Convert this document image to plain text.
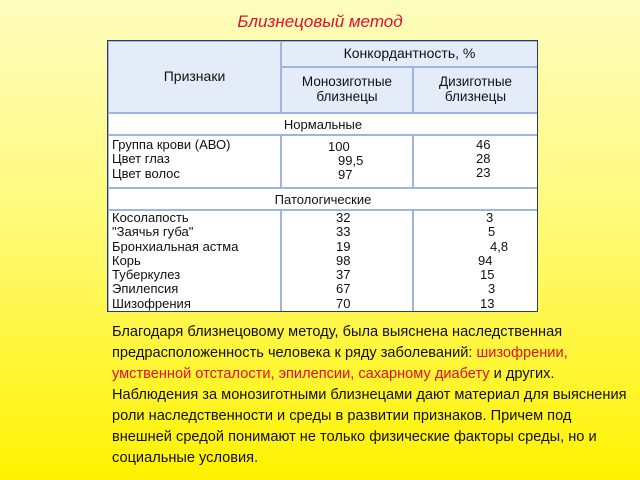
Близнецовый метод
Признаки
Конкордантность, %
Монозиготные близнецы
Дизиготные близнецы
Нормальные
Группа крови (АВО)
Цвет глаз
Цвет волос
100
99,5
97
46
28
23
Патологические
Косолапость
"Заячья губа"
Бронхиальная астма
Корь
Туберкулез
Эпилепсия
Шизофрения
32
33
19
98
37
67
70
3
5
4,8
94
15
3
13
Благодаря близнецовому методу, была выяснена наследственная предрасположенность человека к ряду заболеваний: шизофрении, умственной отсталости, эпилепсии, сахарному диабету и других. Наблюдения за монозиготными близнецами дают материал для выяснения роли наследственности и среды в развитии признаков. Причем под внешней средой понимают не только физические факторы среды, но и социальные условия.
